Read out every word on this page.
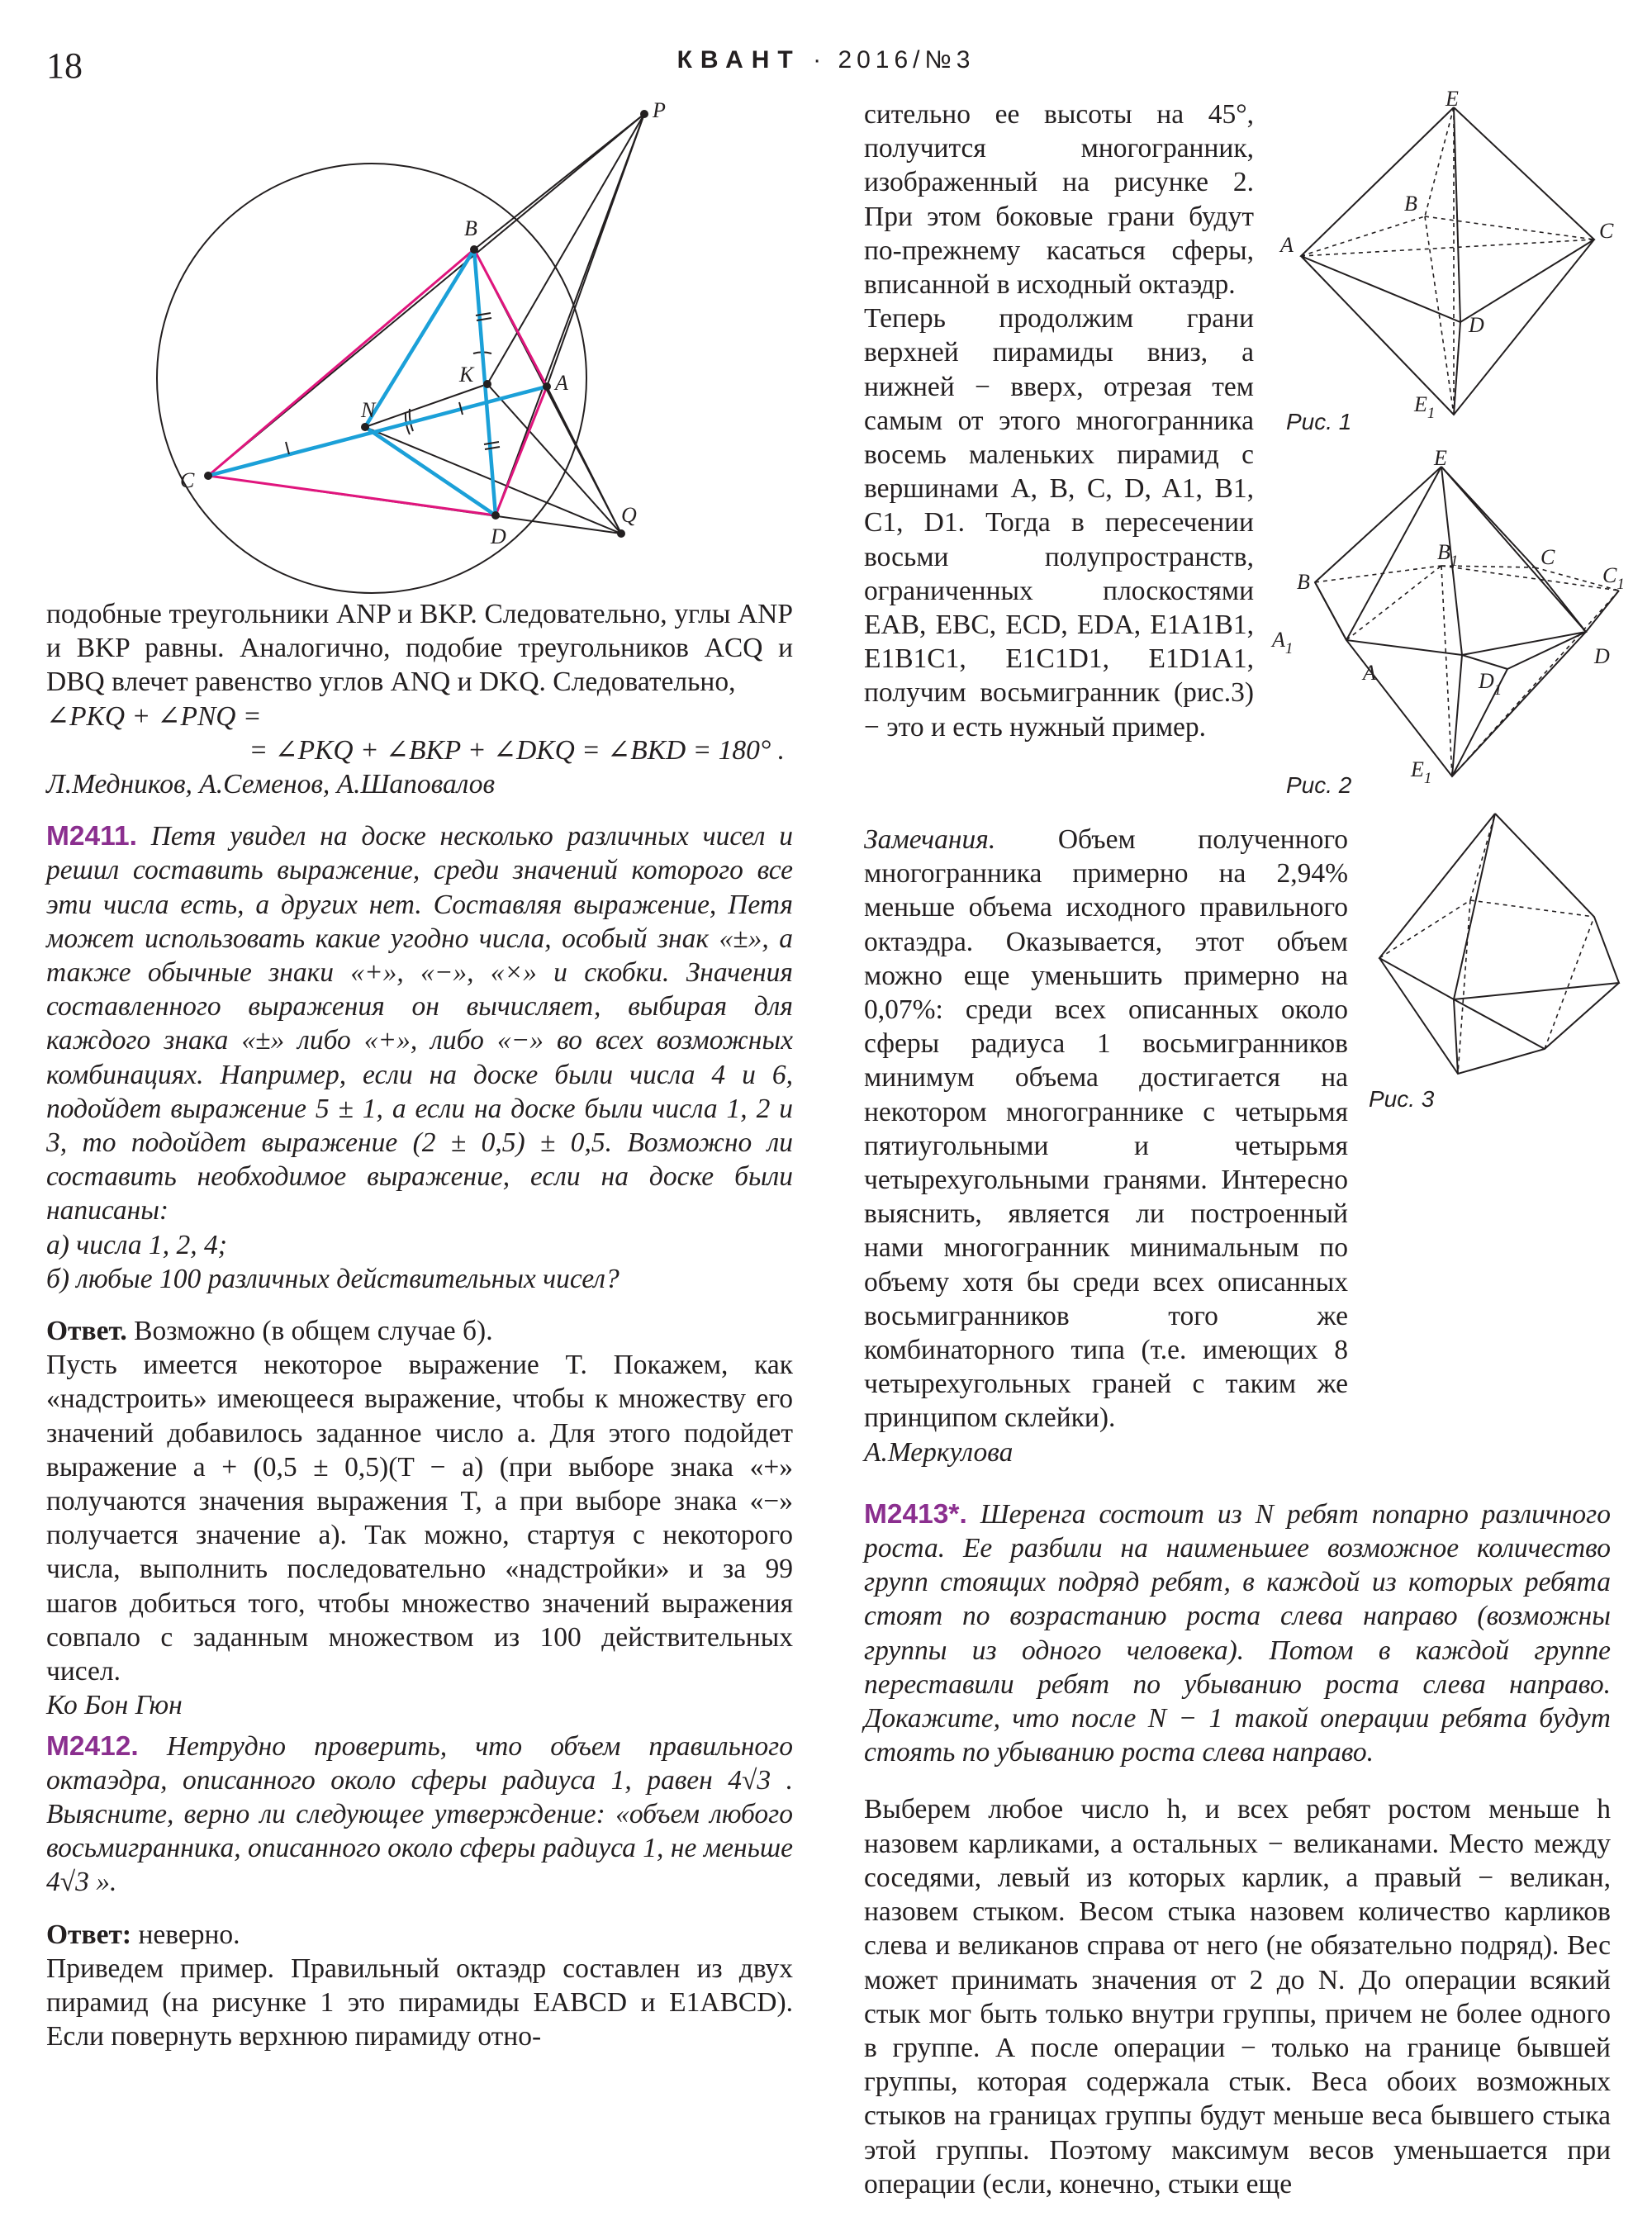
18	КВАНТ · 2016/№3
P
B
K	A
N
C
Q
D
E
B
A
C
D
$E_1$
Рис. 1
E
$B_1$	C
$C_1$
B
$A_1$
A
D
$D_1$
$E_1$
Рис. 2
Рис. 3

подобные треугольники ANP и BKP. Следовательно, углы ANP и BKP равны. Аналогично, подобие треугольников ACQ и DBQ влечет равенство углов ANQ и DKQ. Следовательно,

∠PKQ + ∠PNQ =

= ∠PKQ + ∠BKP + ∠DKQ = ∠BKD = 180° .

Л.Медников, А.Семенов, А.Шаповалов

M2411. Петя увидел на доске несколько различных чисел и решил составить выражение, среди значений которого все эти числа есть, а других нет. Составляя выражение, Петя может использовать какие угодно числа, особый знак «±», а также обычные знаки «+», «−», «×» и скобки. Значения составленного выражения он вычисляет, выбирая для каждого знака «±» либо «+», либо «−» во всех возможных комбинациях. Например, если на доске были числа 4 и 6, подойдет выражение 5 ± 1, а если на доске были числа 1, 2 и 3, то подойдет выражение (2 ± 0,5) ± 0,5. Возможно ли составить необходимое выражение, если на доске были написаны:

а) числа 1, 2, 4;

б) любые 100 различных действительных чисел?

Ответ. Возможно (в общем случае б).

Пусть имеется некоторое выражение T. Покажем, как «надстроить» имеющееся выражение, чтобы к множеству его значений добавилось заданное число a. Для этого подойдет выражение a + (0,5 ± 0,5)(T − a) (при выборе знака «+» получаются значения выражения T, а при выборе знака «−» получается значение a). Так можно, стартуя с некоторого числа, выполнить последовательно «надстройки» и за 99 шагов добиться того, чтобы множество значений выражения совпало с заданным множеством из 100 действительных чисел.

Ко Бон Гюн

M2412. Нетрудно проверить, что объем правильного октаэдра, описанного около сферы радиуса 1, равен 4√3 . Выясните, верно ли следующее утверждение: «объем любого восьмигранника, описанного около сферы радиуса 1, не меньше 4√3 ».

Ответ: неверно.

Приведем пример. Правильный октаэдр составлен из двух пирамид (на рисунке 1 это пирамиды EABCD и E1ABCD). Если повернуть верхнюю пирамиду отно-

сительно ее высоты на 45°, получится многогранник, изображенный на рисунке 2. При этом боковые грани будут по-прежнему касаться сферы, вписанной в исходный октаэдр.

Теперь продолжим грани верхней пирамиды вниз, а нижней − вверх, отрезая тем самым от этого многогранника восемь маленьких пирамид с вершинами A, B, C, D, A1, B1, C1, D1. Тогда в пересечении восьми полупространств, ограниченных плоскостями EAB, EBC, ECD, EDA, E1A1B1, E1B1C1, E1C1D1, E1D1A1, получим восьмигранник (рис.3) − это и есть нужный пример.

Замечания. Объем полученного многогранника примерно на 2,94% меньше объема исходного правильного октаэдра. Оказывается, этот объем можно еще уменьшить примерно на 0,07%: среди всех описанных около сферы радиуса 1 восьмигранников минимум объема достигается на некотором многограннике с четырьмя пятиугольными и четырьмя четырехугольными гранями. Интересно выяснить, является ли построенный нами многогранник минимальным по объему хотя бы среди всех описанных восьмигранников того же комбинаторного типа (т.е. имеющих 8 четырехугольных граней с таким же принципом склейки).

А.Меркулова

M2413*. Шеренга состоит из N ребят попарно различного роста. Ее разбили на наименьшее возможное количество групп стоящих подряд ребят, в каждой из которых ребята стоят по возрастанию роста слева направо (возможны группы из одного человека). Потом в каждой группе переставили ребят по убыванию роста слева направо. Докажите, что после N − 1 такой операции ребята будут стоять по убыванию роста слева направо.

Выберем любое число h, и всех ребят ростом меньше h назовем карликами, а остальных − великанами. Место между соседями, левый из которых карлик, а правый − великан, назовем стыком. Весом стыка назовем количество карликов слева и великанов справа от него (не обязательно подряд). Вес может принимать значения от 2 до N. До операции всякий стык мог быть только внутри группы, причем не более одного в группе. А после операции − только на границе бывшей группы, которая содержала стык. Веса обоих возможных стыков на границах группы будут меньше веса бывшего стыка этой группы. Поэтому максимум весов уменьшается при операции (если, конечно, стыки еще
